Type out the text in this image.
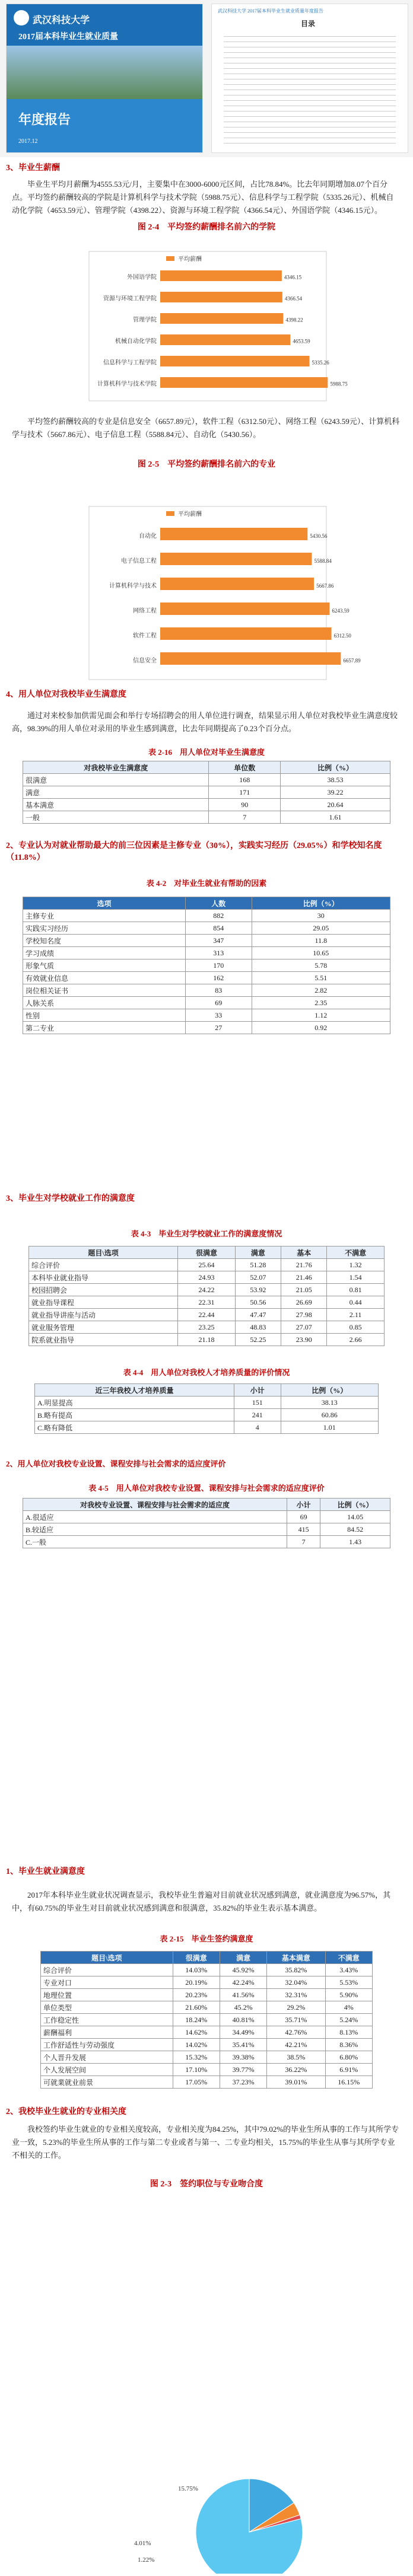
武汉科技大学
2017届本科毕业生就业质量
年度报告
2017.12
武汉科技大学 2017届本科毕业生就业质量年度报告
目录
3、毕业生薪酬

毕业生平均月薪酬为4555.53元/月，主要集中在3000-6000元区间，占比78.84%。比去年同期增加8.07个百分点。平均签约薪酬较高的学院是计算机科学与技术学院（5988.75元）、信息科学与工程学院（5335.26元）、机械自动化学院（4653.59元）、管理学院（4398.22）、资源与环境工程学院（4366.54元）、外国语学院（4346.15元）。

图 2-4　平均签约薪酬排名前六的学院
平均薪酬
外国语学院	4346.15
资源与环境工程学院	4366.54
管理学院	4398.22
机械自动化学院	4653.59
信息科学与工程学院	5335.26
计算机科学与技术学院	5988.75

平均签约薪酬较高的专业是信息安全（6657.89元），软件工程（6312.50元）、网络工程（6243.59元）、计算机科学与技术（5667.86元）、电子信息工程（5588.84元）、自动化（5430.56）。

图 2-5　平均签约薪酬排名前六的专业
平均薪酬
自动化	5430.56
电子信息工程	5588.84
计算机科学与技术	5667.86
网络工程	6243.59
软件工程	6312.50
信息安全	6657.89
4、用人单位对我校毕业生满意度

通过对来校参加供需见面会和举行专场招聘会的用人单位进行调查，结果显示用人单位对我校毕业生满意度较高，98.39%的用人单位对录用的毕业生感到满意，比去年同期提高了0.23个百分点。

表 2-16　用人单位对毕业生满意度
对我校毕业生满意度	单位数	比例（%）
很满意	168	38.53
满意	171	39.22
基本满意	90	20.64
一般	7	1.61
2、专业认为对就业帮助最大的前三位因素是主修专业（30%），实践实习经历（29.05%）和学校知名度（11.8%）
表 4-2　对毕业生就业有帮助的因素
选项	人数	比例（%）
主修专业	882	30
实践实习经历	854	29.05
学校知名度	347	11.8
学习成绩	313	10.65
形象气质	170	5.78
有效就业信息	162	5.51
岗位相关证书	83	2.82
人脉关系	69	2.35
性别	33	1.12
第二专业	27	0.92
3、毕业生对学校就业工作的满意度
表 4-3　毕业生对学校就业工作的满意度情况
题目\选项	很满意	满意	基本	不满意
综合评价	25.64	51.28	21.76	1.32
本科毕业就业指导	24.93	52.07	21.46	1.54
校园招聘会	24.22	53.92	21.05	0.81
就业指导课程	22.31	50.56	26.69	0.44
就业指导讲座与活动	22.44	47.47	27.98	2.11
就业服务管理	23.25	48.83	27.07	0.85
院系就业指导	21.18	52.25	23.90	2.66
表 4-4　用人单位对我校人才培养质量的评价情况
近三年我校人才培养质量	小计	比例（%）
A.明显提高	151	38.13
B.略有提高	241	60.86
C.略有降低	4	1.01
2、用人单位对我校专业设置、课程安排与社会需求的适应度评价
表 4-5　用人单位对我校专业设置、课程安排与社会需求的适应度评价
对我校专业设置、课程安排与社会需求的适应度	小计	比例（%）
A.很适应	69	14.05
B.较适应	415	84.52
C.一般	7	1.43
1、毕业生就业满意度

2017年本科毕业生就业状况调查显示，我校毕业生普遍对目前就业状况感到满意，就业满意度为96.57%，其中，有60.75%的毕业生对目前就业状况感到满意和很满意，35.82%的毕业生表示基本满意。

表 2-15　毕业生签约满意度
题目\选项	很满意	满意	基本满意	不满意
综合评价	14.03%	45.92%	35.82%	3.43%
专业对口	20.19%	42.24%	32.04%	5.53%
地理位置	20.23%	41.56%	32.31%	5.90%
单位类型	21.60%	45.2%	29.2%	4%
工作稳定性	18.24%	40.81%	35.71%	5.24%
薪酬福利	14.62%	34.49%	42.76%	8.13%
工作舒适性与劳动强度	14.02%	35.41%	42.21%	8.36%
个人晋升发展	15.32%	39.38%	38.5%	6.80%
个人发展空间	17.10%	39.77%	36.22%	6.91%
可就業就业前景	17.05%	37.23%	39.01%	16.15%
2、我校毕业生就业的专业相关度

我校签约毕业生就业的专业相关度较高，专业相关度为84.25%，其中79.02%的毕业生所从事的工作与其所学专业一致，5.23%的毕业生所从事的工作与第二专业或者与第一、二专业均相关，15.75%的毕业生从事与其所学专业不相关的工作。

图 2-3　签约职位与专业吻合度
15.75%
4.01%
1.22%
